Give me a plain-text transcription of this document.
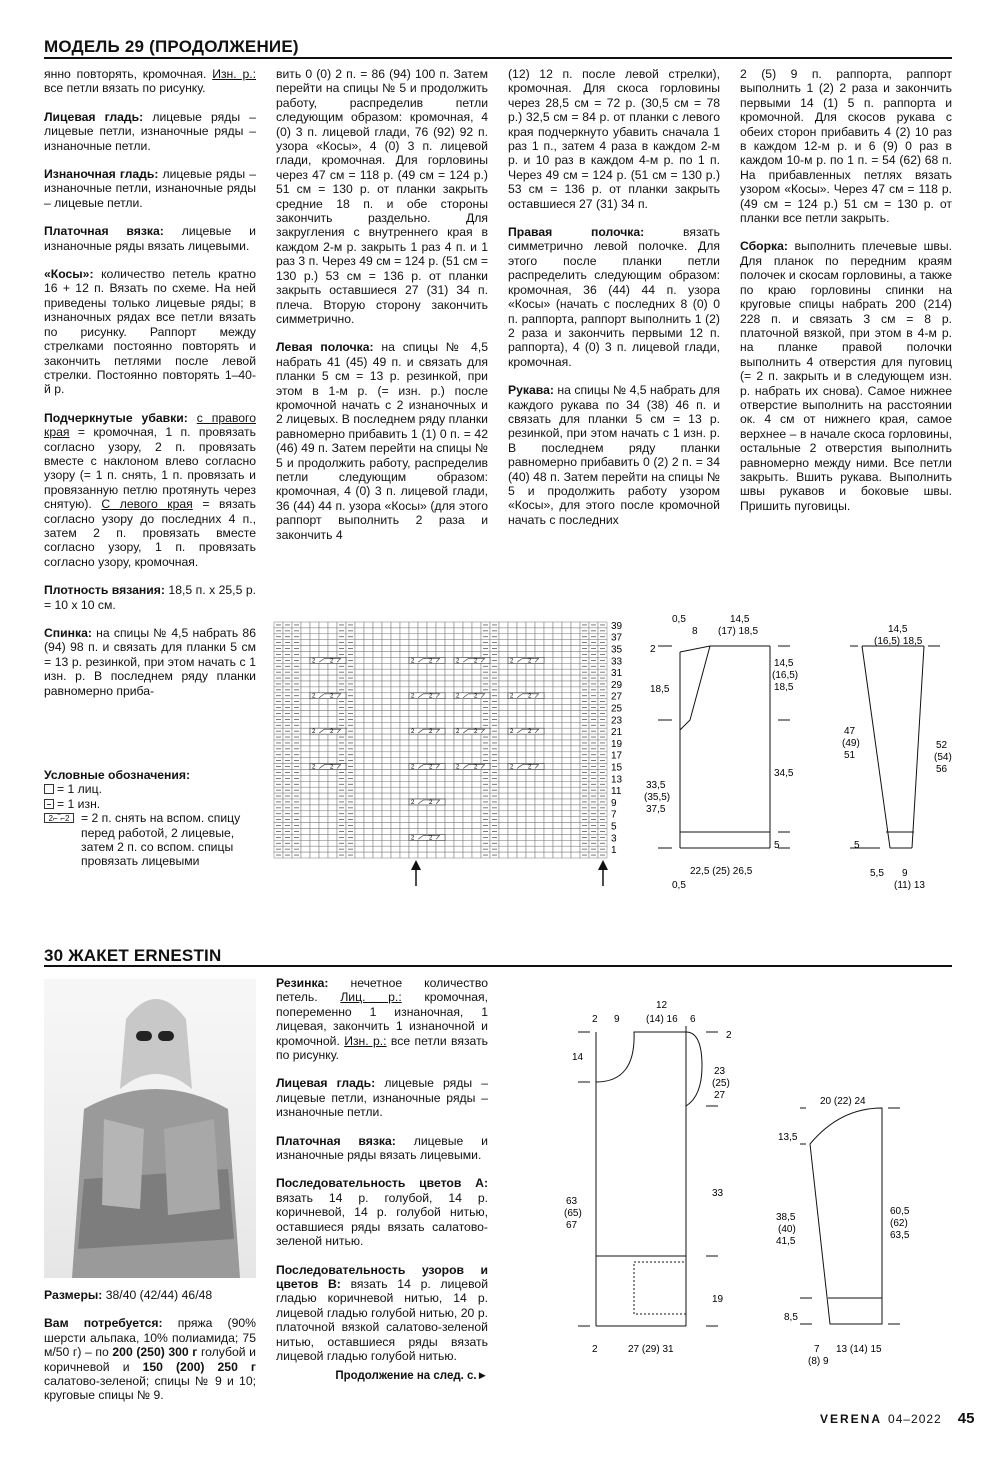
МОДЕЛЬ 29 (ПРОДОЛЖЕНИЕ)

янно повторять, кромочная. Изн. р.: все петли вязать по рисунку.

Лицевая гладь: лицевые ряды – лицевые петли, изнаночные ряды – изнаночные петли.

Изнаночная гладь: лицевые ряды – изнаночные петли, изнаночные ряды – лицевые петли.

Платочная вязка: лицевые и изнаночные ряды вязать лицевыми.

«Косы»: количество петель кратно 16 + 12 п. Вязать по схеме. На ней приведены только лицевые ряды; в изнаночных рядах все петли вязать по рисунку. Раппорт между стрелками постоянно повторять и закончить петлями после левой стрелки. Постоянно повторять 1–40-й р.

Подчеркнутые убавки: с правого края = кромочная, 1 п. провязать согласно узору, 2 п. провязать вместе с наклоном влево согласно узору (= 1 п. снять, 1 п. провязать и провязанную петлю протянуть через снятую). С левого края = вязать согласно узору до последних 4 п., затем 2 п. провязать вместе согласно узору, 1 п. провязать согласно узору, кромочная.

Плотность вязания: 18,5 п. х 25,5 р. = 10 х 10 см.

Спинка: на спицы № 4,5 набрать 86 (94) 98 п. и связать для планки 5 см = 13 р. резинкой, при этом начать с 1 изн. р. В последнем ряду планки равномерно приба-

Условные обозначения:
= 1 лиц.
= 1 изн.
2⌐‾⌐2 = 2 п. снять на вспом. спицу перед работой, 2 лицевые, затем 2 п. со вспом. спицы провязать лицевыми

вить 0 (0) 2 п. = 86 (94) 100 п. Затем перейти на спицы № 5 и продолжить работу, распределив петли следующим образом: кромочная, 4 (0) 3 п. лицевой глади, 76 (92) 92 п. узора «Косы», 4 (0) 3 п. лицевой глади, кромочная. Для горловины через 47 см = 118 р. (49 см = 124 р.) 51 см = 130 р. от планки закрыть средние 18 п. и обе стороны закончить раздельно. Для закругления с внутреннего края в каждом 2-м р. закрыть 1 раз 4 п. и 1 раз 3 п. Через 49 см = 124 р. (51 см = 130 р.) 53 см = 136 р. от планки закрыть оставшиеся 27 (31) 34 п. плеча. Вторую сторону закончить симметрично.

Левая полочка: на спицы № 4,5 набрать 41 (45) 49 п. и связать для планки 5 см = 13 р. резинкой, при этом в 1-м р. (= изн. р.) после кромочной начать с 2 изнаночных и 2 лицевых. В последнем ряду планки равномерно прибавить 1 (1) 0 п. = 42 (46) 49 п. Затем перейти на спицы № 5 и продолжить работу, распределив петли следующим образом: кромочная, 4 (0) 3 п. лицевой глади, 36 (44) 44 п. узора «Косы» (для этого раппорт выполнить 2 раза и закончить 4

(12) 12 п. после левой стрелки), кромочная. Для скоса горловины через 28,5 см = 72 р. (30,5 см = 78 р.) 32,5 см = 84 р. от планки с левого края подчеркнуто убавить сначала 1 раз 1 п., затем 4 раза в каждом 2-м р. и 10 раз в каждом 4-м р. по 1 п. Через 49 см = 124 р. (51 см = 130 р.) 53 см = 136 р. от планки закрыть оставшиеся 27 (31) 34 п.

Правая полочка: вязать симметрично левой полочке. Для этого после планки петли распределить следующим образом: кромочная, 36 (44) 44 п. узора «Косы» (начать с последних 8 (0) 0 п. раппорта, раппорт выполнить 1 (2) 2 раза и закончить первыми 12 п. раппорта), 4 (0) 3 п. лицевой глади, кромочная.

Рукава: на спицы № 4,5 набрать для каждого рукава по 34 (38) 46 п. и связать для планки 5 см = 13 р. резинкой, при этом начать с 1 изн. р. В последнем ряду планки равномерно прибавить 0 (2) 2 п. = 34 (40) 48 п. Затем перейти на спицы № 5 и продолжить работу узором «Косы», для этого после кромочной начать с последних

2 (5) 9 п. раппорта, раппорт выполнить 1 (2) 2 раза и закончить первыми 14 (1) 5 п. раппорта и кромочной. Для скосов рукава с обеих сторон прибавить 4 (2) 10 раз в каждом 12-м р. и 6 (9) 0 раз в каждом 10-м р. по 1 п. = 54 (62) 68 п. На прибавленных петлях вязать узором «Косы». Через 47 см = 118 р. (49 см = 124 р.) 51 см = 130 р. от планки все петли закрыть.

Сборка: выполнить плечевые швы. Для планок по передним краям полочек и скосам горловины, а также по краю горловины спинки на круговые спицы набрать 200 (214) 228 п. и связать 3 см = 8 р. платочной вязкой, при этом в 4-м р. на планке правой полочки выполнить 4 отверстия для пуговиц (= 2 п. закрыть и в следующем изн. р. набрать их снова). Самое нижнее отверстие выполнить на расстоянии ок. 4 см от нижнего края, самое верхнее – в начале скоса горловины, остальные 2 отверстия выполнить равномерно между ними. Все петли закрыть. Вшить рукава. Выполнить швы рукавов и боковые швы. Пришить пуговицы.

39
37
35
33
31
29
27
25
23
21
19
17
15
13
11
9
7
5
3
1
2 2
2 2
2 2
2 2
2 2
2 2
2 2
2 2
2 2
2 2
2 2
2 2
2 2
2 2
2 2
2 2
2 2
2 2
0,5
8
14,5
(17) 18,5
2
18,5
14,5
(16,5)
18,5
34,5
33,5
(35,5)
37,5
5
22,5 (25) 26,5
0,5
14,5
(16,5) 18,5
47
(49)
51
52
(54)
56
5
5,5 9
(11) 13
30 ЖАКЕТ ERNESTIN

Размеры: 38/40 (42/44) 46/48

Вам потребуется: пряжа (90% шерсти альпака, 10% полиамида; 75 м/50 г) – по 200 (250) 300 г голубой и коричневой и 150 (200) 250 г салатово-зеленой; спицы № 9 и 10; круговые спицы № 9.

Резинка: нечетное количество петель. Лиц. р.: кромочная, попеременно 1 изнаночная, 1 лицевая, закончить 1 изнаночной и кромочной. Изн. р.: все петли вязать по рисунку.

Лицевая гладь: лицевые ряды – лицевые петли, изнаночные ряды – изнаночные петли.

Платочная вязка: лицевые и изнаночные ряды вязать лицевыми.

Последовательность цветов A: вязать 14 р. голубой, 14 р. коричневой, 14 р. голубой нитью, оставшиеся ряды вязать салатово-зеленой нитью.

Последовательность узоров и цветов B: вязать 14 р. лицевой гладью коричневой нитью, 14 р. лицевой гладью голубой нитью, 20 р. платочной вязкой салатово-зеленой нитью, оставшиеся ряды вязать лицевой гладью голубой нитью.

Продолжение на след. с.►
12
2 9	(14) 16 6
2
14
23
(25)
27
63
(65)
67
33
19
2	27 (29) 31
20 (22) 24
13,5
38,5
(40)
41,5
60,5
(62)
63,5
8,5
7
(8) 9
13 (14) 15
VERENA 04–2022 45
